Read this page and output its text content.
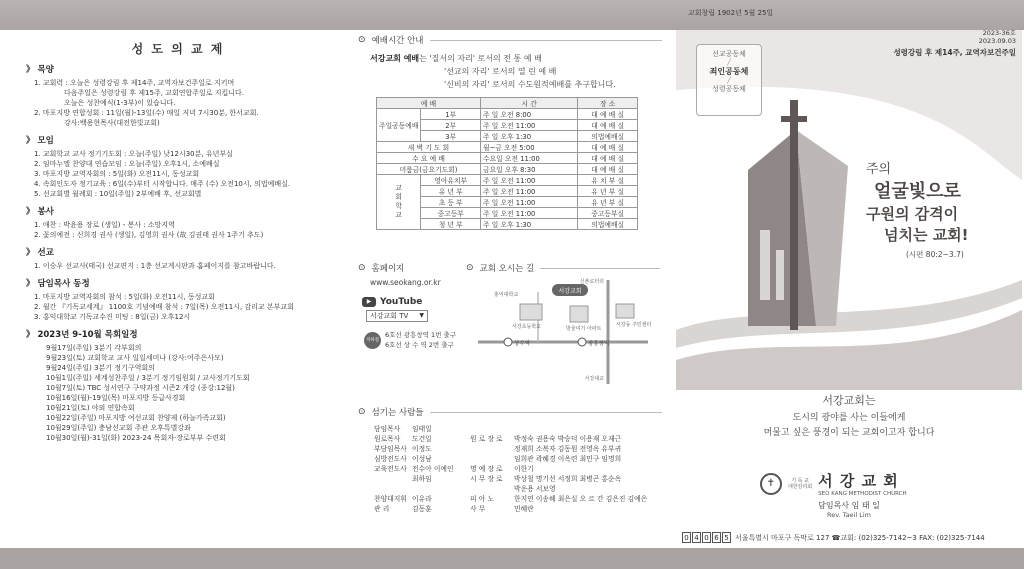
성 도 의 교 제
》 목양
1. 교회력 : 오늘은 성령강림 후 제14주, 교역자보건주일로 지키며
다음주일은 성령강림 후 제15주, 교회연합주일로 지킵니다.
오늘은 성찬예식(1-3부)이 있습니다.
2. 마포지방 연합성회 : 11일(월)-13일(수) 매일 저녁 7시30분, 한서교회.
강사:백용현목사(대전한빛교회)
》 모임
1. 교회학교 교사 정기기도회 : 오늘(주일) 낮12시30분, 유년부실
2. 임마누엘 찬양대 연습모임 : 오늘(주일) 오후1시, 소예배실
3. 마포지방 교역자회의 : 5일(화) 오전11시, 동성교회
4. 속회인도자 정기교육 : 6일(수)부터 시작합니다. 매주 (수) 오전10시, 의법예배실.
5. 선교회별 월례회 : 10일(주일) 2부예배 후, 선교회별
》 봉사
1. 애찬 : 박윤용 장로 (생일) - 봉사 : 소망지역
2. 꽃의예전 : 신희경 권사 (생일), 김영희 권사 (故 김권태 권사 1주기 추도)
》 선교
1. 이승우 선교사(태국) 선교편지 : 1층 선교게시판과 홈페이지를 참고바랍니다.
》 담임목사 동정
1. 마포지방 교역자회의 참석 : 5일(화) 오전11시, 동성교회
2. 월간 『기독교세계』 1100호 기념예배 참석 : 7일(목) 오전11시, 감리교 본부교회
3. 홍익대학교 기독교수진 미팅 : 8일(금) 오후12시
》 2023년 9-10월 목회일정
9월17일(주일) 3분기 각부회의
9월23일(토) 교회학교 교사 일일세미나 (강사:어주은사모)
9월24일(주일) 3분기 정기구역회의
10월1일(주일) 세계성찬주일 / 3분기 정기임원회 / 교사정기기도회
10월7일(토) TBC 성서연구 구약과정 시즌2 개강 (종강:12월)
10월16일(월)-19일(목) 마포지방 등급사경회
10월21일(토) 야외 연합속회
10월22일(주일) 마포지방 여선교회 찬양제 (하늘가족교회)
10월29일(주일) 충남선교회 주관 오후특별강좌
10월30일(월)-31일(화) 2023-24 목회자·장로부부 수련회
⊙ 예배시간 안내
서강교회 예배는 '질서의 자리' 로서의 전 통 예 배
'선교의 자리' 로서의 열 린 예 배
'신비의 자리' 로서의 수도원적예배를 추구합니다.
예 배		시 간	장 소
주일공동예배	1부	주 일 오전 8:00	대 예 배 실
	2부	주 일 오전 11:00	대 예 배 실
	3부	주 일 오후 1:30	의법예배실
새 벽 기 도 회		월~금 오전 5:00	대 예 배 실
수 요 예 배		수요일 오전 11:00	대 예 배 실
미룸금(금요기도회)		금요일 오후 8:30	대 예 배 실

교
회
학
교	영아유치부	주 일 오전 11:00	유 치 부 실
	유 년 부	주 일 오전 11:00	유 년 부 실
	초 등 부	주 일 오전 11:00	유 년 부 실
	중고등부	주 일 오전 11:00	중고등부실
	청 년 부	주 일 오후 1:30	의법예배실
⊙ 홈페이지
www.seokang.or.kr
▶ YouTube
서강교회 TV ▼
지하철
6호선 광흥창역 1번 출구
6호선 상 수 역 2번 출구
⊙ 교회 오시는 길
서강교회
신촌로터리
홍익대학교
서강초등학교	방울여기 아파트
서강동 주민센터
상수역	광흥창역
서강대교
⊙ 섬기는 사람들
담임목사	임태일
원로목사	도건일	원 로 장 로	박정숙 권용숙 박승덕 이용재 오재근
부담임목사 이정도	정재희 소복자 김동원 전영옥 유부귀
심방전도사 이성남	임희관 곽혜경 이옥련 최민구 임명희
교육전도사 전수아 이예인	명 예 장 로	이한기
최하임	시 무 장 로	박상철 명기선 서정희 최병곤 홍순옥
박운용 서보영
찬양대지휘 이유라	피 아 노	한지연 이송혜 최은실 오 르 간 김은진 김예은
관 리	김동훈	사 무	민혜란
교회창립 1902년 5월 25일
2023-36호
2023.09.03
성령강림 후 제14주, 교역자보건주일
선교공동체
╱
죄인공동체
╱
성령공동체
주의
얼굴빛으로
구원의 감격이
넘치는 교회!
(시편 80:2~3.7)
서강교회는
도시의 광야를 사는 이들에게
머물고 싶은 풍경이 되는 교회이고자 합니다
✝	기 독 교
대한감리회 서 강 교 회
SEO KANG METHODIST CHURCH
담임목사 임 태 일
Rev. Taeil Lim
0 4 0 6 5 서울특별시 마포구 독막로 127 ☎교회: (02)325-7142~3 FAX: (02)325-7144
